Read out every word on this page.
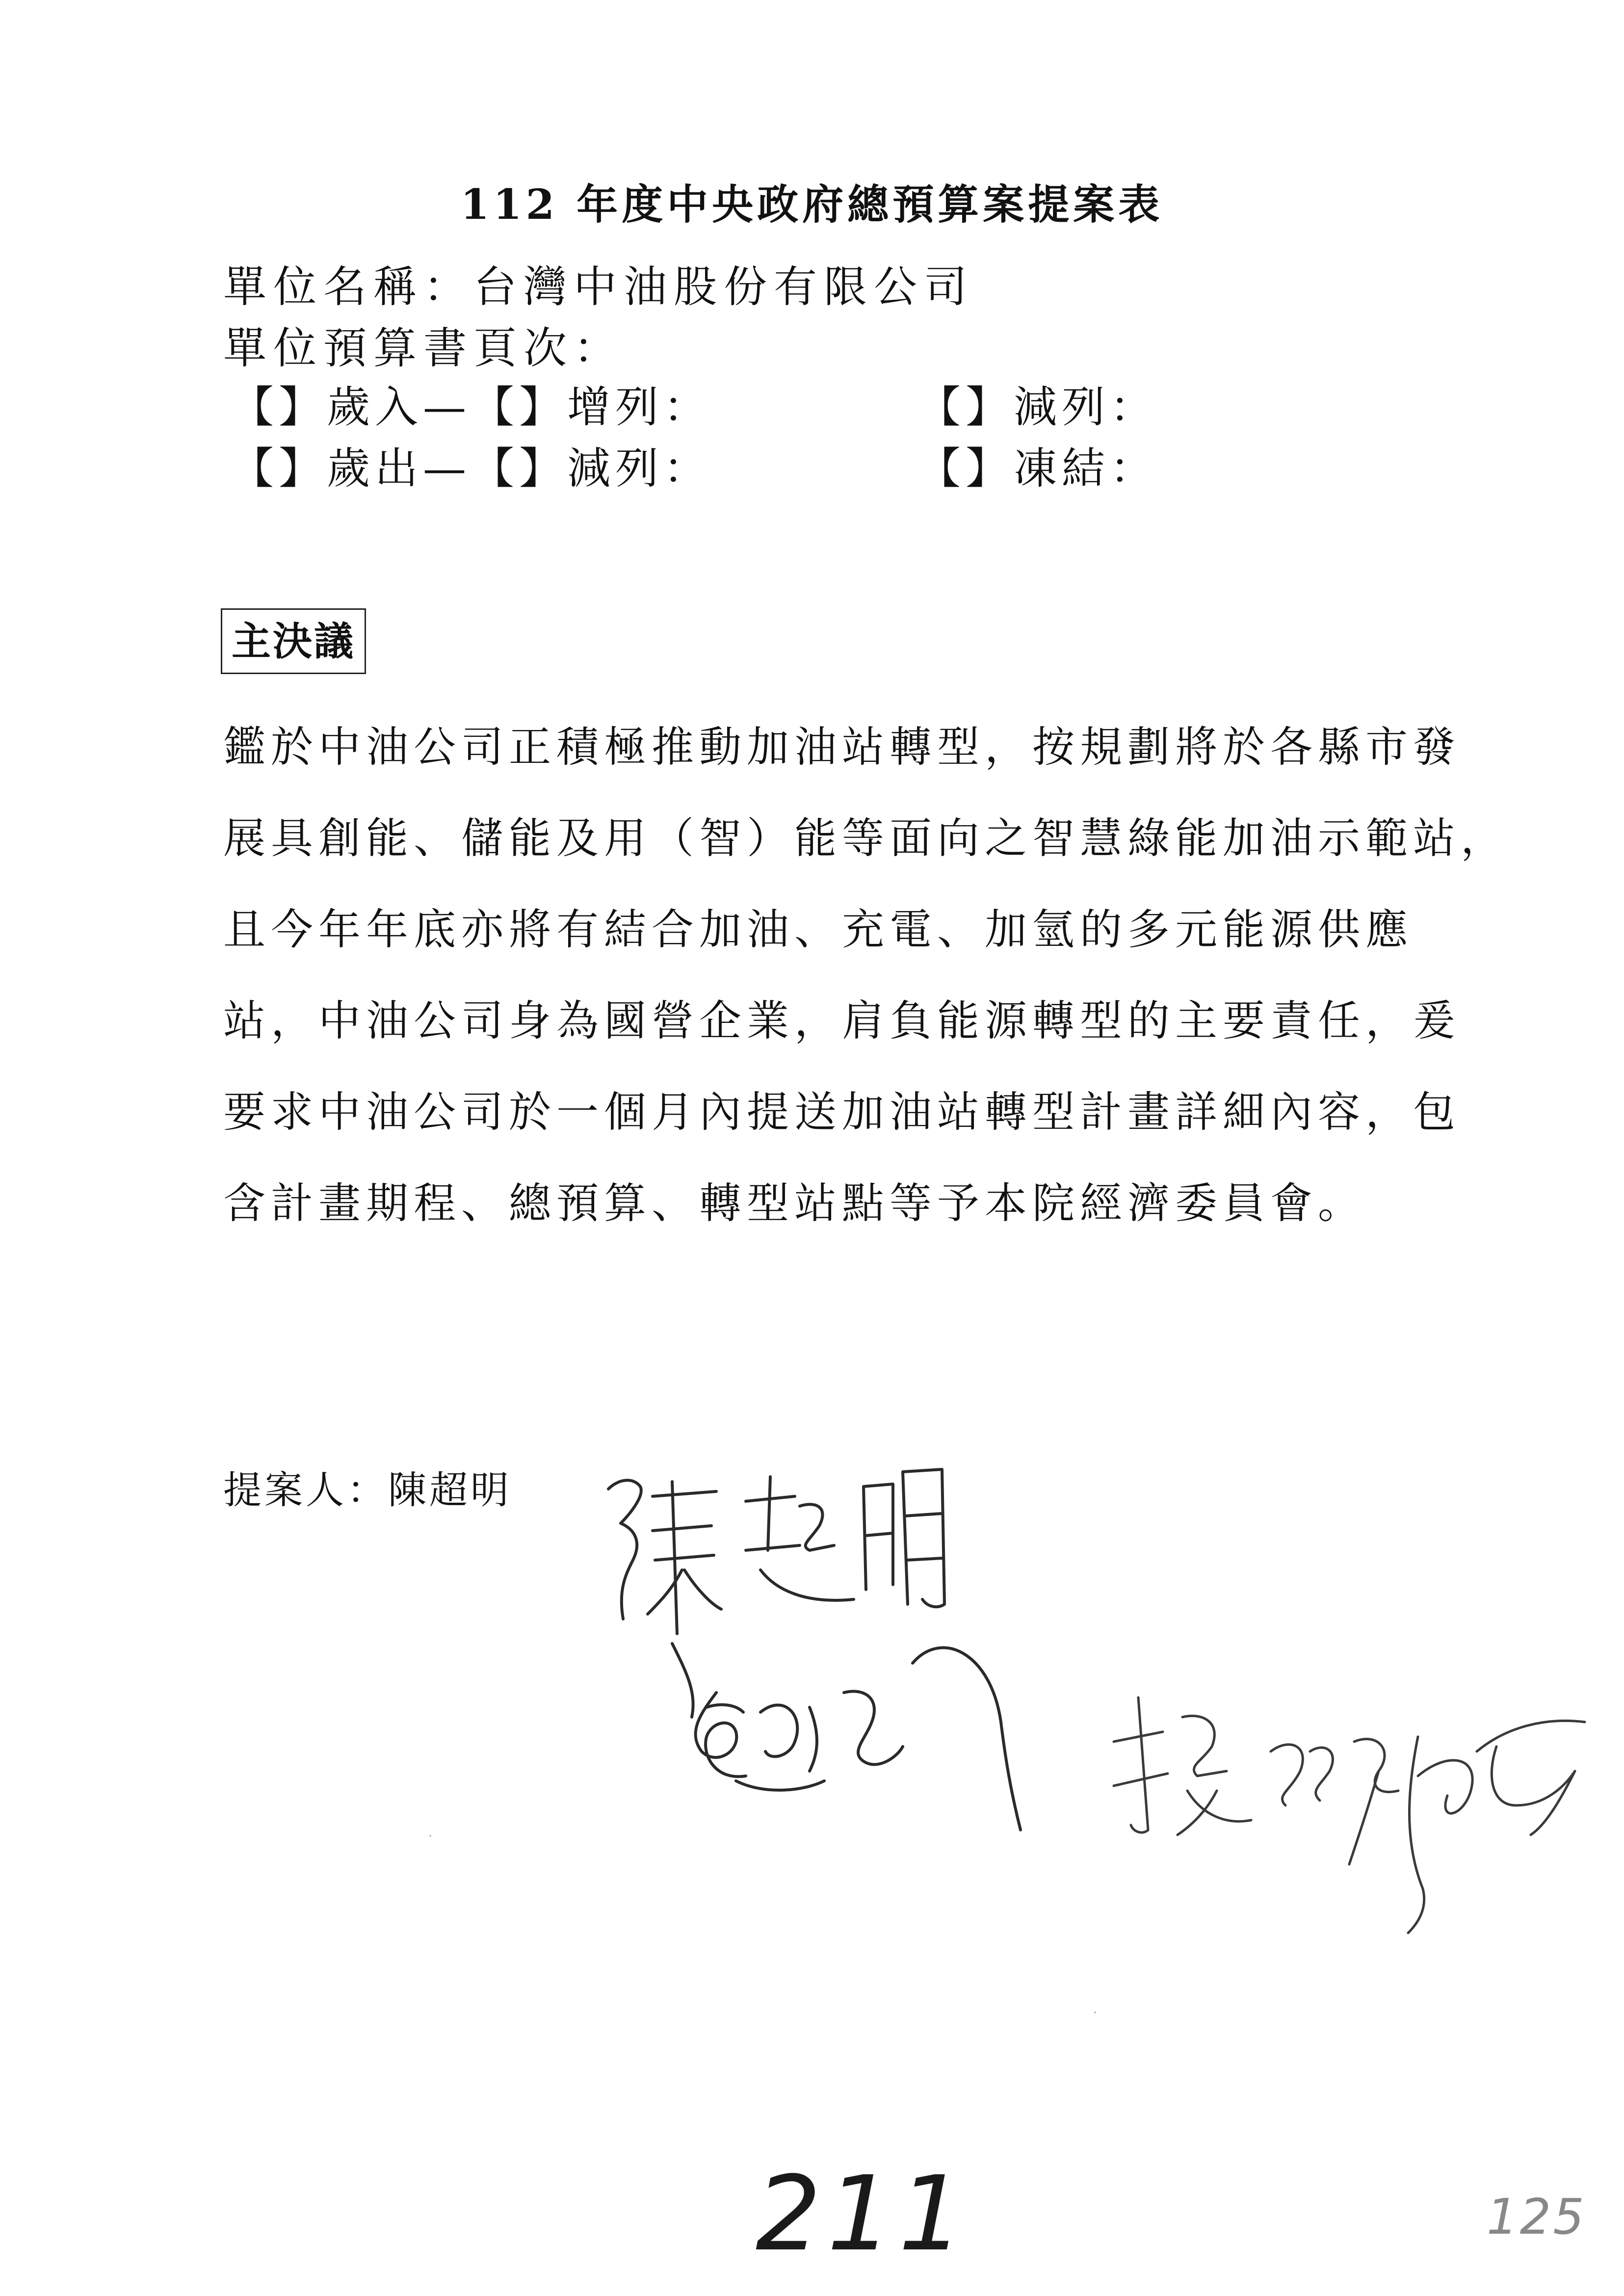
112 年度中央政府總預算案提案表
單位名稱：台灣中油股份有限公司
單位預算書頁次：
【】歲入—【】增列：	【】減列：
【】歲出—【】減列：	【】凍結：
主決議
鑑於中油公司正積極推動加油站轉型，按規劃將於各縣市發
展具創能、儲能及用（智）能等面向之智慧綠能加油示範站，
且今年年底亦將有結合加油、充電、加氫的多元能源供應
站，中油公司身為國營企業，肩負能源轉型的主要責任，爰
要求中油公司於一個月內提送加油站轉型計畫詳細內容，包
含計畫期程、總預算、轉型站點等予本院經濟委員會。
提案人：陳超明
211	125
